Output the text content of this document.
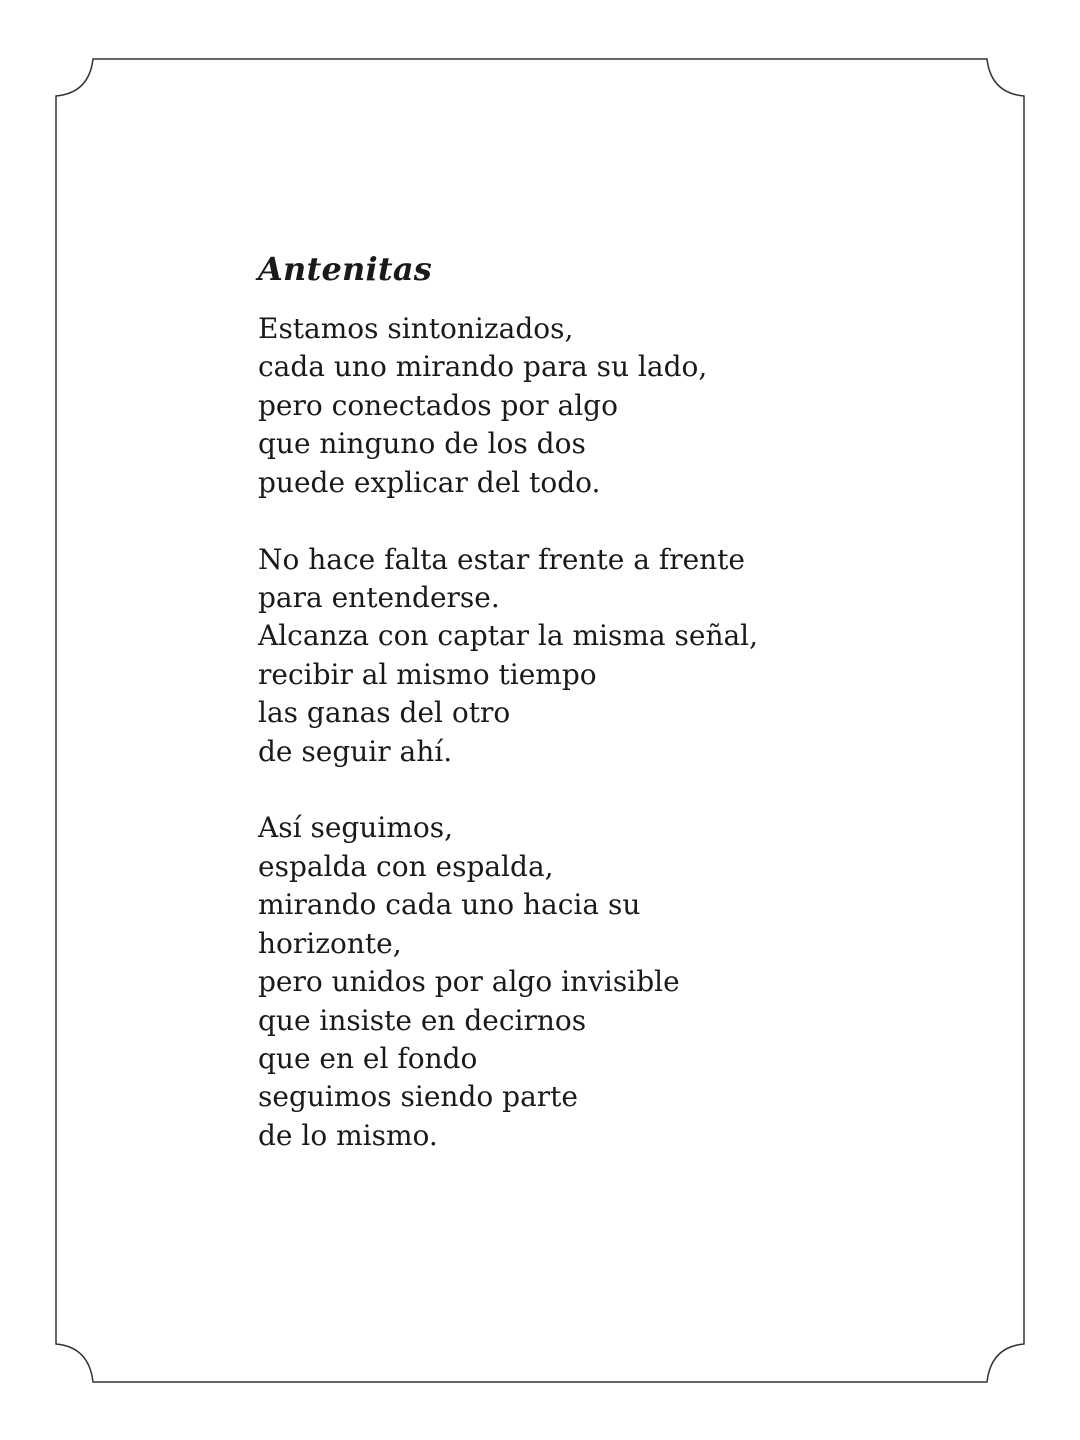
Antenitas
Estamos sintonizados,
cada uno mirando para su lado,
pero conectados por algo
que ninguno de los dos
puede explicar del todo.
No hace falta estar frente a frente
para entenderse.
Alcanza con captar la misma señal,
recibir al mismo tiempo
las ganas del otro
de seguir ahí.
Así seguimos,
espalda con espalda,
mirando cada uno hacia su
horizonte,
pero unidos por algo invisible
que insiste en decirnos
que en el fondo
seguimos siendo parte
de lo mismo.
